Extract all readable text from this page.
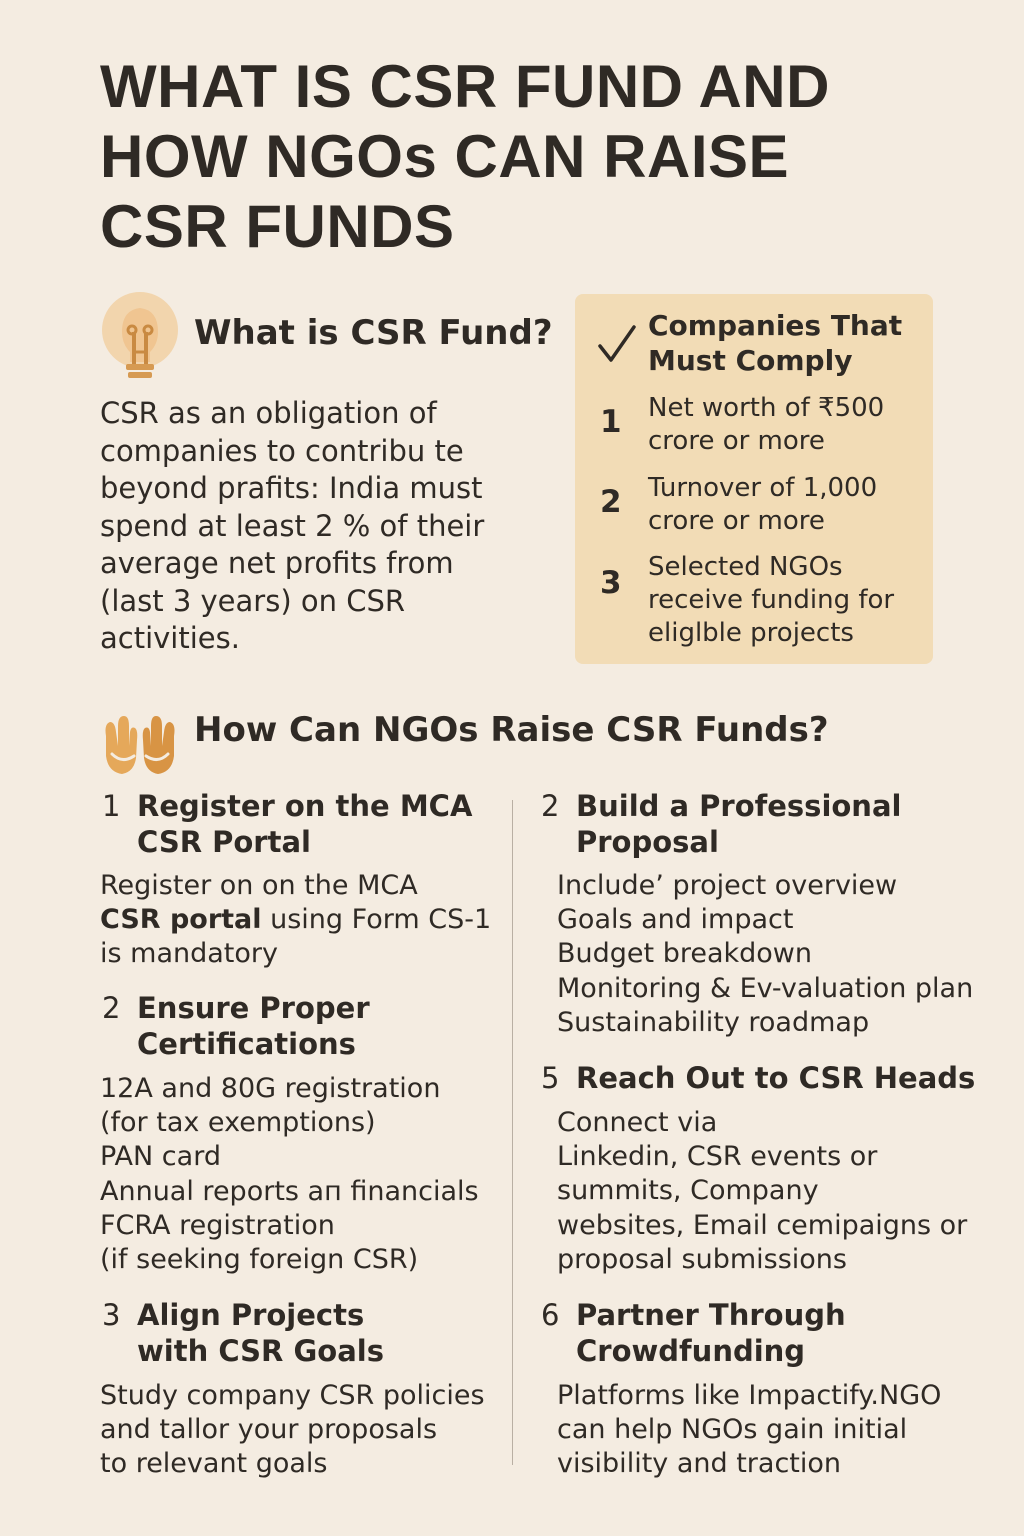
WHAT IS CSR FUND AND
HOW NGOs CAN RAISE
CSR FUNDS
What is CSR Fund?
CSR as an obligation of
companies to contribu te
beyond prafits: India must
spend at least 2 % of their
average net profits from
(last 3 years) on CSR
activities.
Companies That
Must Comply
1 Net worth of ₹500
crore or more
2 Turnover of 1,000
crore or more
3 Selected NGOs
receive funding for
eliglble projects
How Can NGOs Raise CSR Funds?
1 Register on the MCA
CSR Portal
Register on on the MCA
CSR portal using Form CS-1
is mandatory
2 Ensure Proper
Certifications
12A and 80G registration
(for tax exemptions)
PAN card
Annual reports aп financials
FCRA registration
(if seeking foreign CSR)
3 Align Projects
with CSR Goals
Study company CSR policies
and tallor your proposals
to relevant goals
2 Build a Professional
Proposal
Include’ project overview
Goals and impact
Budget breakdown
Monitoring & Ev-valuation plan
Sustainability roadmap
5 Reach Out to CSR Heads
Connect via
Linkedin, CSR events or
summits, Company
websites, Email cemipaigns or
proposal submissions
6 Partner Through
Crowdfunding
Platforms like Impactify.NGO
can help NGOs gain initial
visibility and traction
